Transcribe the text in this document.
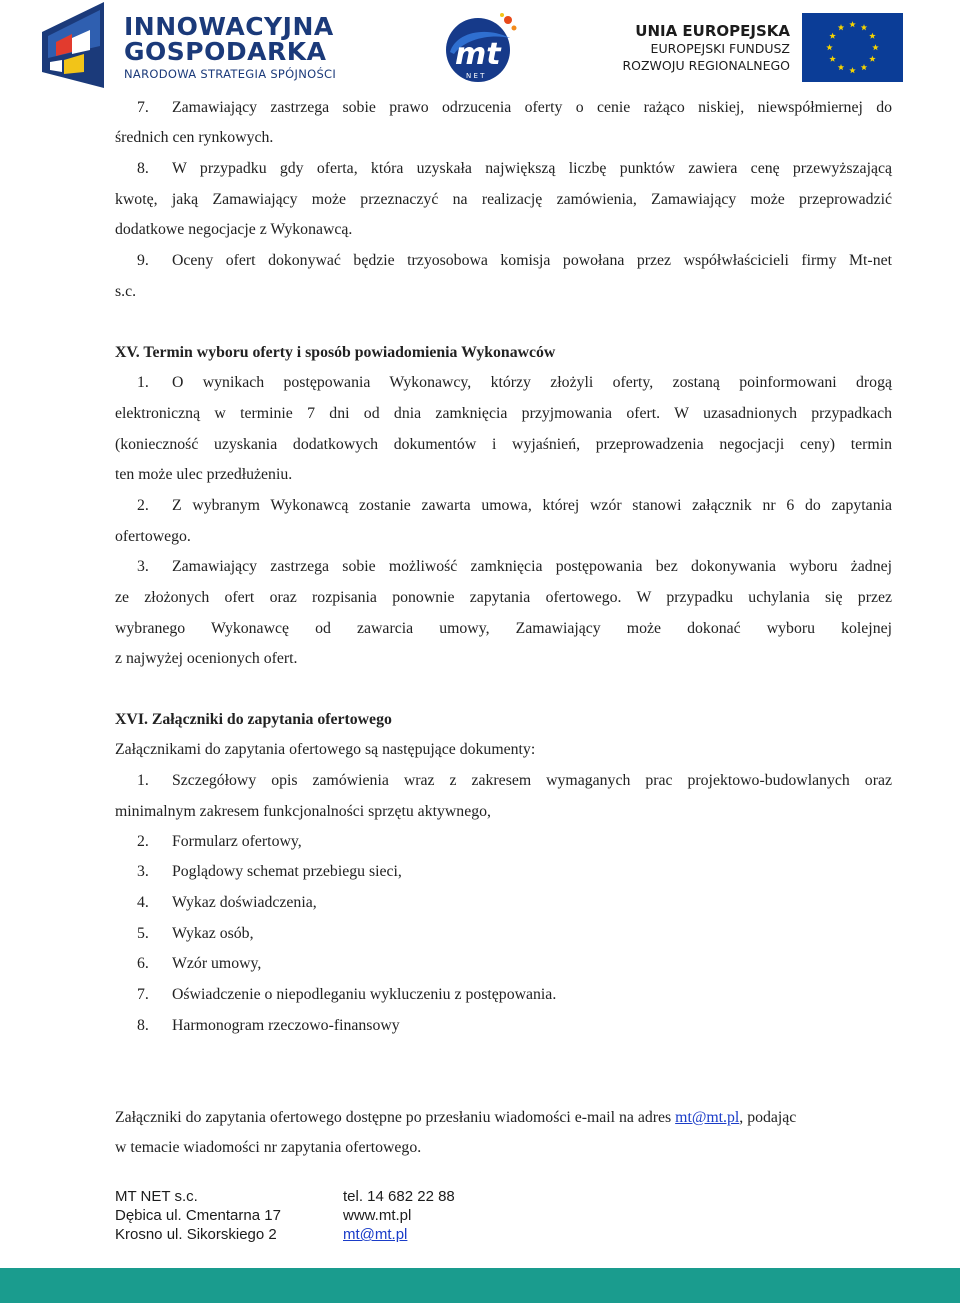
INNOWACYJNA
GOSPODARKA
NARODOWA STRATEGIA SPÓJNOŚCI
mt
N E T
UNIA EUROPEJSKA
EUROPEJSKI FUNDUSZ
ROZWOJU REGIONALNEGO
7. Zamawiający zastrzega sobie prawo odrzucenia oferty o cenie rażąco niskiej, niewspółmiernej do
średnich cen rynkowych.
8. W przypadku gdy oferta, która uzyskała największą liczbę punktów zawiera cenę przewyższającą
kwotę, jaką Zamawiający może przeznaczyć na realizację zamówienia, Zamawiający może przeprowadzić
dodatkowe negocjacje z Wykonawcą.
9. Oceny ofert dokonywać będzie trzyosobowa komisja powołana przez współwłaścicieli firmy Mt-net
s.c.
XV. Termin wyboru oferty i sposób powiadomienia Wykonawców
1. O wynikach postępowania Wykonawcy, którzy złożyli oferty, zostaną poinformowani drogą
elektroniczną w terminie 7 dni od dnia zamknięcia przyjmowania ofert. W uzasadnionych przypadkach
(konieczność uzyskania dodatkowych dokumentów i wyjaśnień, przeprowadzenia negocjacji ceny) termin
ten może ulec przedłużeniu.
2. Z wybranym Wykonawcą zostanie zawarta umowa, której wzór stanowi załącznik nr 6 do zapytania
ofertowego.
3. Zamawiający zastrzega sobie możliwość zamknięcia postępowania bez dokonywania wyboru żadnej
ze złożonych ofert oraz rozpisania ponownie zapytania ofertowego. W przypadku uchylania się przez
wybranego Wykonawcę od zawarcia umowy, Zamawiający może dokonać wyboru kolejnej
z najwyżej ocenionych ofert.
XVI. Załączniki do zapytania ofertowego
Załącznikami do zapytania ofertowego są następujące dokumenty:
1. Szczegółowy opis zamówienia wraz z zakresem wymaganych prac projektowo-budowlanych oraz
minimalnym zakresem funkcjonalności sprzętu aktywnego,
2. Formularz ofertowy,
3. Poglądowy schemat przebiegu sieci,
4. Wykaz doświadczenia,
5. Wykaz osób,
6. Wzór umowy,
7. Oświadczenie o niepodleganiu wykluczeniu z postępowania.
8. Harmonogram rzeczowo-finansowy
Załączniki do zapytania ofertowego dostępne po przesłaniu wiadomości e-mail na adres mt@mt.pl, podając
w temacie wiadomości nr zapytania ofertowego.
MT NET s.c.
Dębica ul. Cmentarna 17
Krosno ul. Sikorskiego 2
tel. 14 682 22 88
www.mt.pl
mt@mt.pl
